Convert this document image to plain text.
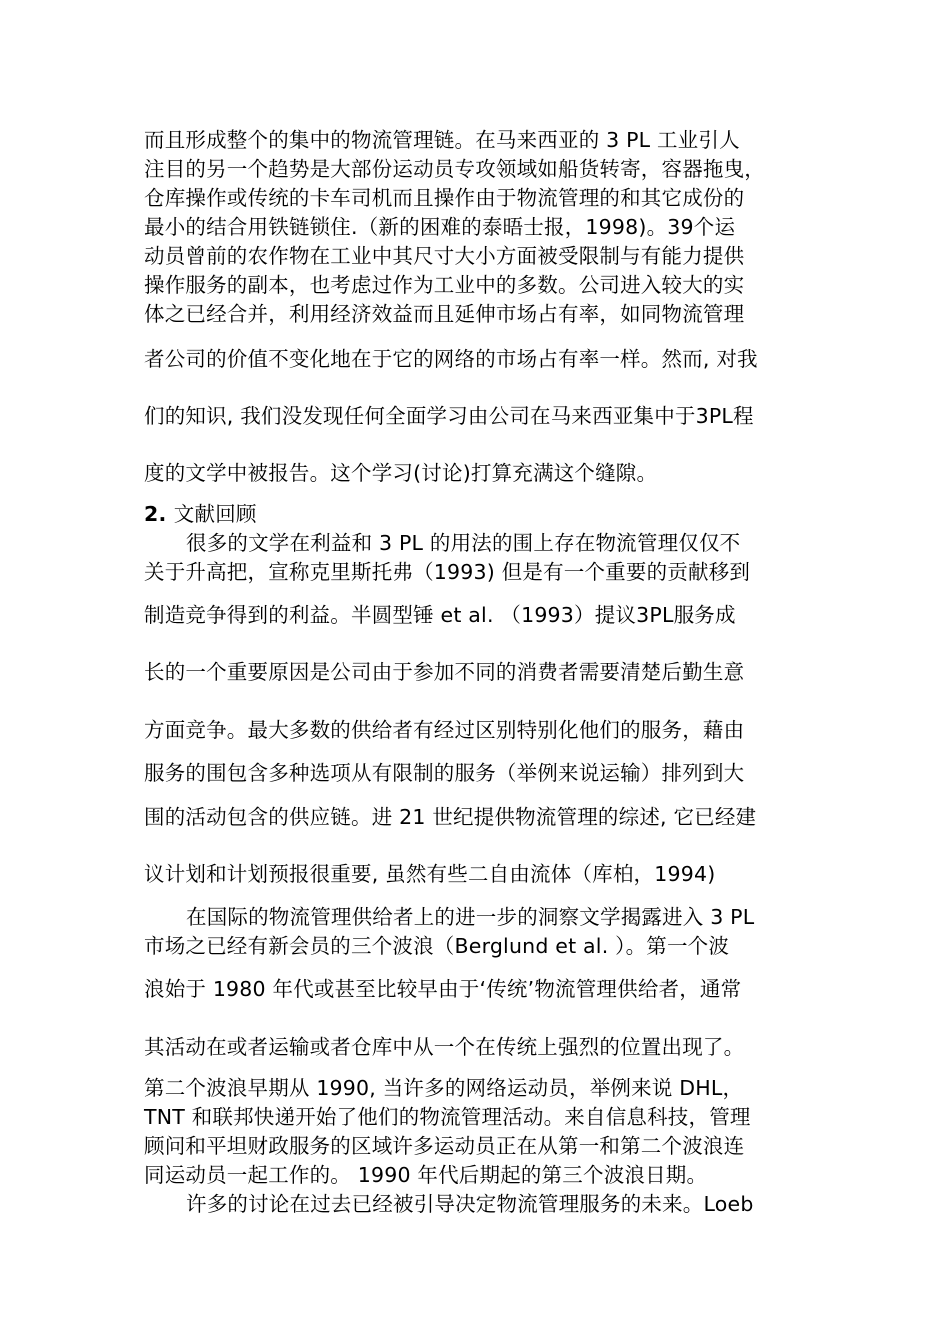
而且形成整个的集中的物流管理链。在马来西亚的 3 PL 工业引人
注目的另一个趋势是大部份运动员专攻领域如船货转寄，容器拖曳，
仓库操作或传统的卡车司机而且操作由于物流管理的和其它成份的
最小的结合用铁链锁住.（新的困难的泰晤士报，1998)。39个运
动员曾前的农作物在工业中其尺寸大小方面被受限制与有能力提供
操作服务的副本，也考虑过作为工业中的多数。公司进入较大的实
体之已经合并，利用经济效益而且延伸市场占有率，如同物流管理
者公司的价值不变化地在于它的网络的市场占有率一样。然而, 对我
们的知识, 我们没发现任何全面学习由公司在马来西亚集中于3PL程
度的文学中被报告。这个学习(讨论)打算充满这个缝隙。
2. 文献回顾
很多的文学在利益和 3 PL 的用法的围上存在物流管理仅仅不
关于升高把，宣称克里斯托弗（1993) 但是有一个重要的贡献移到
制造竞争得到的利益。半圆型锤 et al. （1993）提议3PL服务成
长的一个重要原因是公司由于参加不同的消费者需要清楚后勤生意
方面竞争。最大多数的供给者有经过区别特别化他们的服务，藉由
服务的围包含多种选项从有限制的服务（举例来说运输）排列到大
围的活动包含的供应链。进 21 世纪提供物流管理的综述, 它已经建
议计划和计划预报很重要, 虽然有些二自由流体（库柏，1994)
在国际的物流管理供给者上的进一步的洞察文学揭露进入 3 PL
市场之已经有新会员的三个波浪（Berglund et al. ）。第一个波
浪始于 1980 年代或甚至比较早由于‘传统’物流管理供给者，通常
其活动在或者运输或者仓库中从一个在传统上强烈的位置出现了。
第二个波浪早期从 1990, 当许多的网络运动员，举例来说 DHL，
TNT 和联邦快递开始了他们的物流管理活动。来自信息科技，管理
顾问和平坦财政服务的区域许多运动员正在从第一和第二个波浪连
同运动员一起工作的。 1990 年代后期起的第三个波浪日期。
许多的讨论在过去已经被引导决定物流管理服务的未来。Loeb
